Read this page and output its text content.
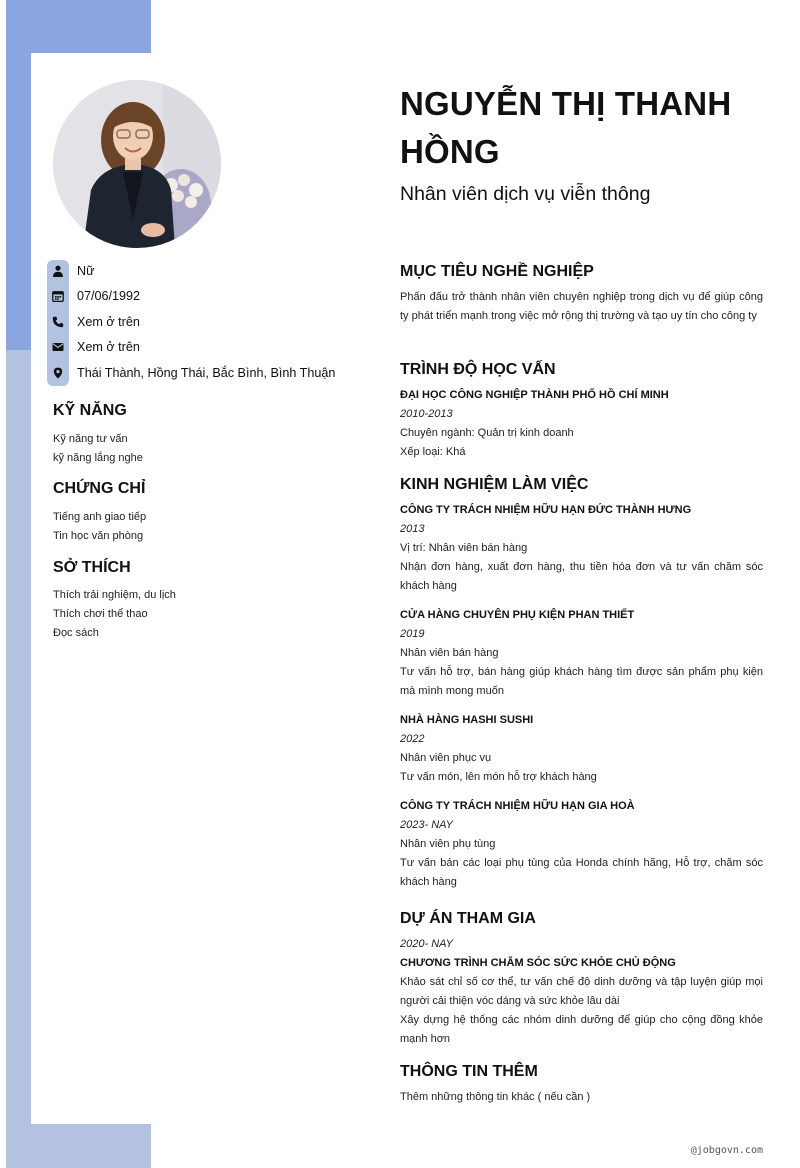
Nữ
07/06/1992
Xem ở trên
Xem ở trên
Thái Thành, Hồng Thái, Bắc Bình, Bình Thuận
KỸ NĂNG
Kỹ năng tư vấn
kỹ năng lắng nghe
CHỨNG CHỈ
Tiếng anh giao tiếp
Tin học văn phòng
SỞ THÍCH
Thích trải nghiệm, du lịch
Thích chơi thể thao
Đọc sách
NGUYỄN THỊ THANH HỒNG
Nhân viên dịch vụ viễn thông
MỤC TIÊU NGHỀ NGHIỆP
Phấn đấu trở thành nhân viên chuyên nghiệp trong dịch vụ để giúp công ty phát triển mạnh trong việc mở rộng thị trường và tạo uy tín cho công ty
TRÌNH ĐỘ HỌC VẤN
ĐẠI HỌC CÔNG NGHIỆP THÀNH PHỐ HỒ CHÍ MINH
2010-2013
Chuyên ngành: Quản trị kinh doanh
Xếp loại: Khá
KINH NGHIỆM LÀM VIỆC
CÔNG TY TRÁCH NHIỆM HỮU HẠN ĐỨC THÀNH HƯNG
2013
Vị trí: Nhân viên bán hàng
Nhận đơn hàng, xuất đơn hàng, thu tiền hóa đơn và tư vấn chăm sóc khách hàng
CỬA HÀNG CHUYÊN PHỤ KIỆN PHAN THIẾT
2019
Nhân viên bán hàng
Tư vấn hỗ trợ, bán hàng giúp khách hàng tìm được sản phẩm phụ kiện mà mình mong muốn
NHÀ HÀNG HASHI SUSHI
2022
Nhân viên phục vụ
Tư vấn món, lên món hỗ trợ khách hàng
CÔNG TY TRÁCH NHIỆM HỮU HẠN GIA HOÀ
2023- NAY
Nhân viên phụ tùng
Tư vấn bán các loại phụ tùng của Honda chính hãng, Hỗ trợ, chăm sóc khách hàng
DỰ ÁN THAM GIA
2020- NAY
CHƯƠNG TRÌNH CHĂM SÓC SỨC KHỎE CHỦ ĐỘNG
Khảo sát chỉ số cơ thể, tư vấn chế độ dinh dưỡng và tập luyện giúp mọi người cải thiện vóc dáng và sức khỏe lâu dài
Xây dựng hệ thống các nhóm dinh dưỡng để giúp cho cộng đồng khỏe mạnh hơn
THÔNG TIN THÊM
Thêm những thông tin khác ( nếu cần )
@jobgovn.com
